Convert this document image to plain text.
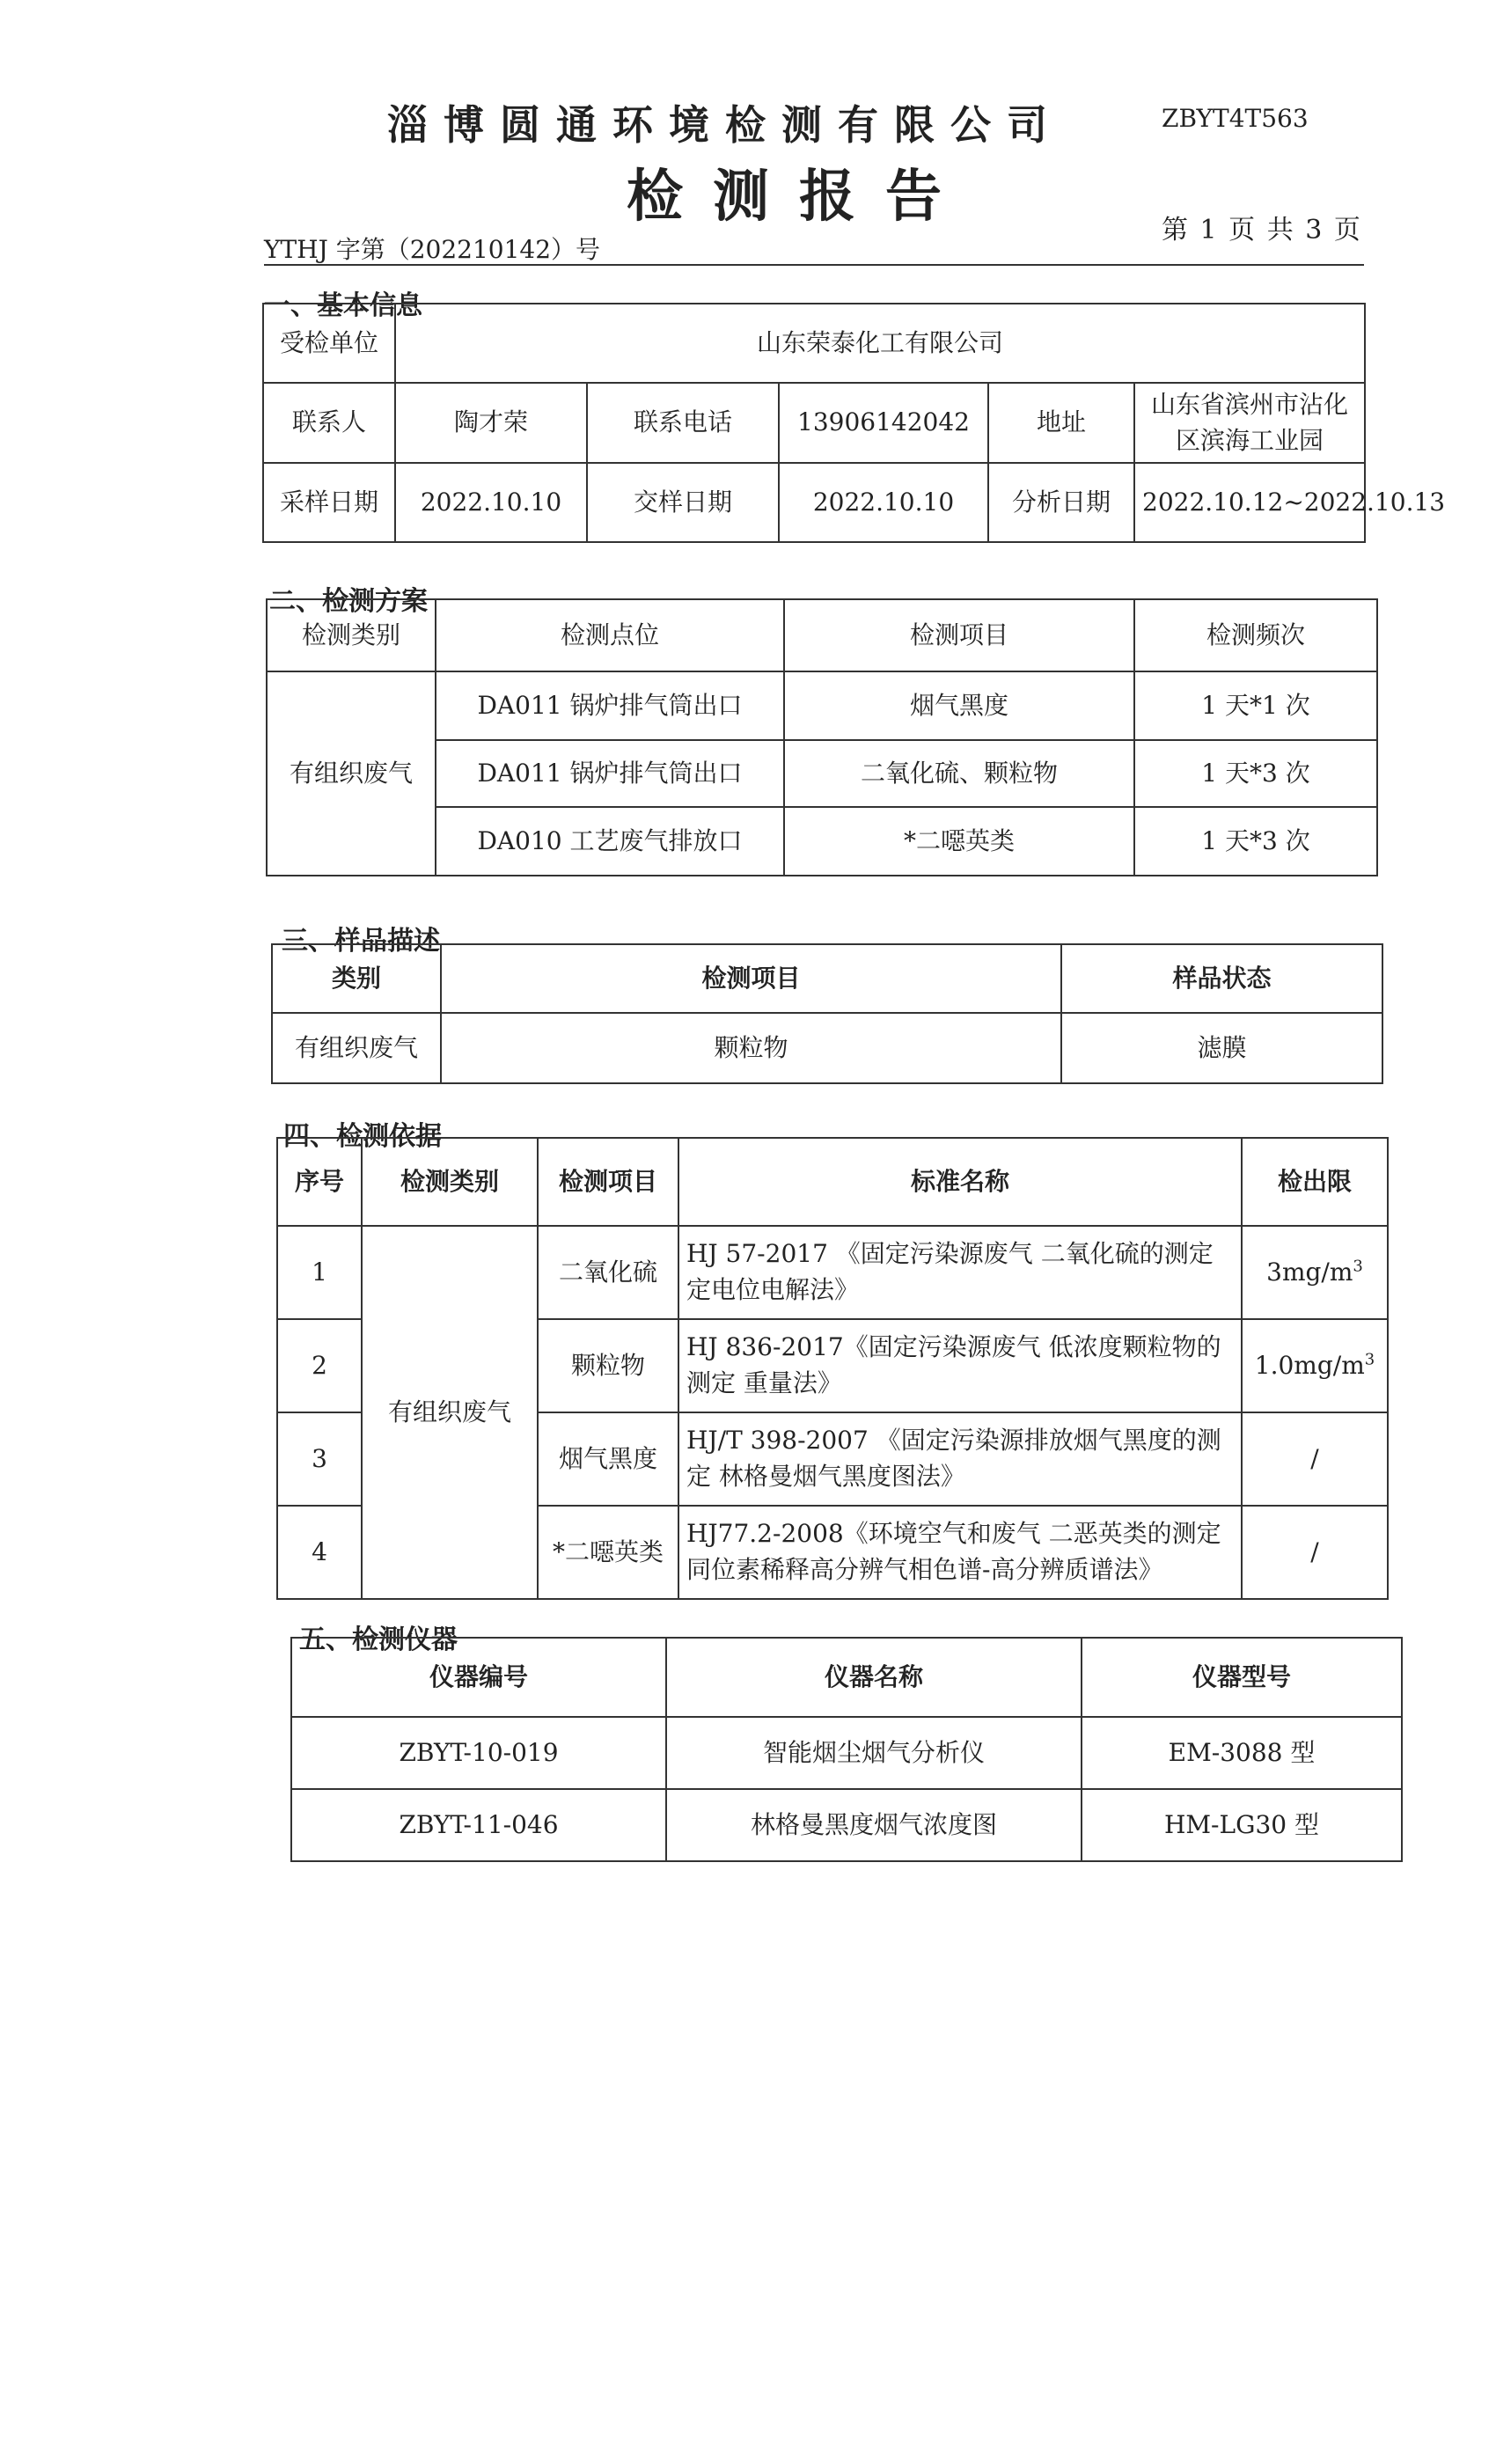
淄博圆通环境检测有限公司	ZBYT4T563
检测报告
YTHJ 字第（202210142）号
第 1 页 共 3 页
一、基本信息
受检单位	山东荣泰化工有限公司				
联系人	陶才荣	联系电话	13906142042	地址	山东省滨州市沾化区滨海工业园
采样日期	2022.10.10	交样日期	2022.10.10	分析日期	2022.10.12~2022.10.13
二、检测方案
检测类别	检测点位	检测项目	检测频次
有组织废气	DA011 锅炉排气筒出口	烟气黑度	1 天*1 次
	DA011 锅炉排气筒出口	二氧化硫、颗粒物	1 天*3 次
	DA010 工艺废气排放口	*二噁英类	1 天*3 次
三、样品描述
类别	检测项目	样品状态
有组织废气	颗粒物	滤膜
四、检测依据
序号	检测类别	检测项目	标准名称	检出限
1	有组织废气	二氧化硫	HJ 57-2017 《固定污染源废气 二氧化硫的测定 定电位电解法》	$3mg/m^3$
2		颗粒物	HJ 836-2017《固定污染源废气 低浓度颗粒物的测定 重量法》	$1.0mg/m^3$
3		烟气黑度	HJ/T 398-2007 《固定污染源排放烟气黑度的测定 林格曼烟气黑度图法》	/
4		*二噁英类	HJ77.2-2008《环境空气和废气 二恶英类的测定 同位素稀释高分辨气相色谱-高分辨质谱法》	/
五、检测仪器
仪器编号	仪器名称	仪器型号
ZBYT-10-019	智能烟尘烟气分析仪	EM-3088 型
ZBYT-11-046	林格曼黑度烟气浓度图	HM-LG30 型
